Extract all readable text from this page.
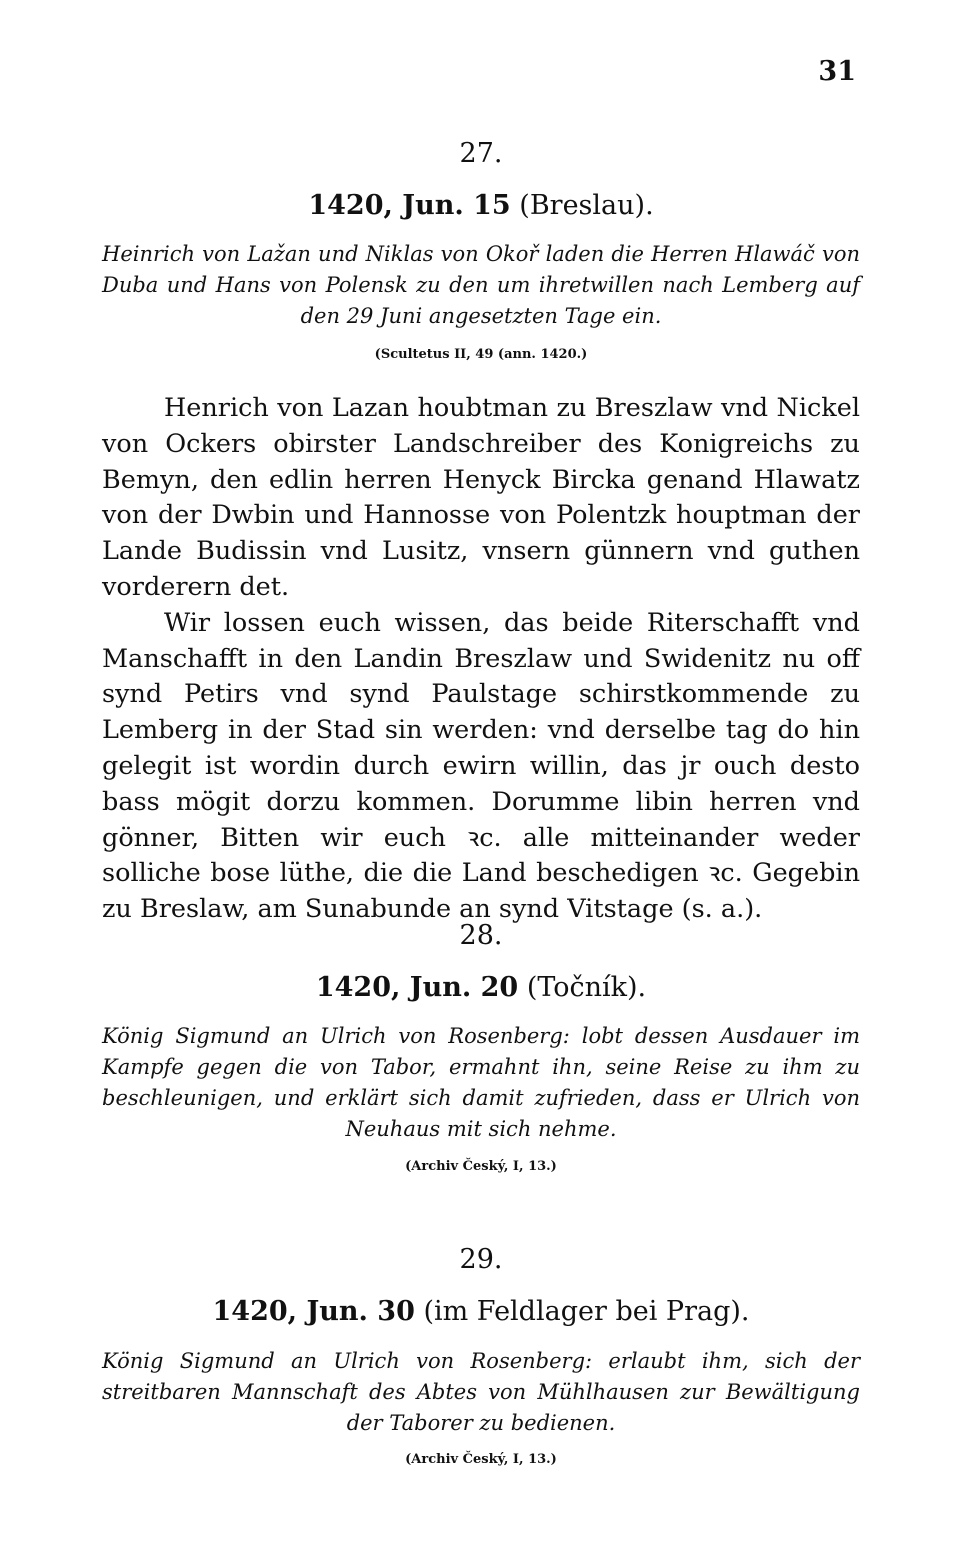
31
27.
1420, Jun. 15 (Breslau).
Heinrich von Lažan und Niklas von Okoř laden die Herren Hlawáč von Duba und Hans von Polensk zu den um ihretwillen nach Lemberg auf den 29 Juni angesetzten Tage ein.
(Scultetus II, 49 (ann. 1420.)

Henrich von Lazan houbtman zu Breszlaw vnd Nickel von Ockers obirster Landschreiber des Konigreichs zu Bemyn, den edlin herren Henyck Bircka genand Hlawatz von der Dwbin und Hannosse von Polentzk houptman der Lande Budissin vnd Lusitz, vnsern günnern vnd guthen vorderern det.

Wir lossen euch wissen, das beide Riterschafft vnd Manschafft in den Landin Breszlaw und Swidenitz nu off synd Petirs vnd synd Paulstage schirstkommende zu Lemberg in der Stad sin werden: vnd derselbe tag do hin gelegit ist wordin durch ewirn willin, das jr ouch desto bass mögit dorzu kommen. Dorumme libin herren vnd gönner, Bitten wir euch ꝛc. alle mitteinander weder solliche bose lüthe, die die Land beschedigen ꝛc. Gegebin zu Breslaw, am Sunabunde an synd Vitstage (s. a.).

28.
1420, Jun. 20 (Točník).
König Sigmund an Ulrich von Rosenberg: lobt dessen Ausdauer im Kampfe gegen die von Tabor, ermahnt ihn, seine Reise zu ihm zu beschleunigen, und erklärt sich damit zufrieden, dass er Ulrich von Neuhaus mit sich nehme.
(Archiv Český, I, 13.)
29.
1420, Jun. 30 (im Feldlager bei Prag).
König Sigmund an Ulrich von Rosenberg: erlaubt ihm, sich der streitbaren Mannschaft des Abtes von Mühlhausen zur Bewältigung der Taborer zu bedienen.
(Archiv Český, I, 13.)
